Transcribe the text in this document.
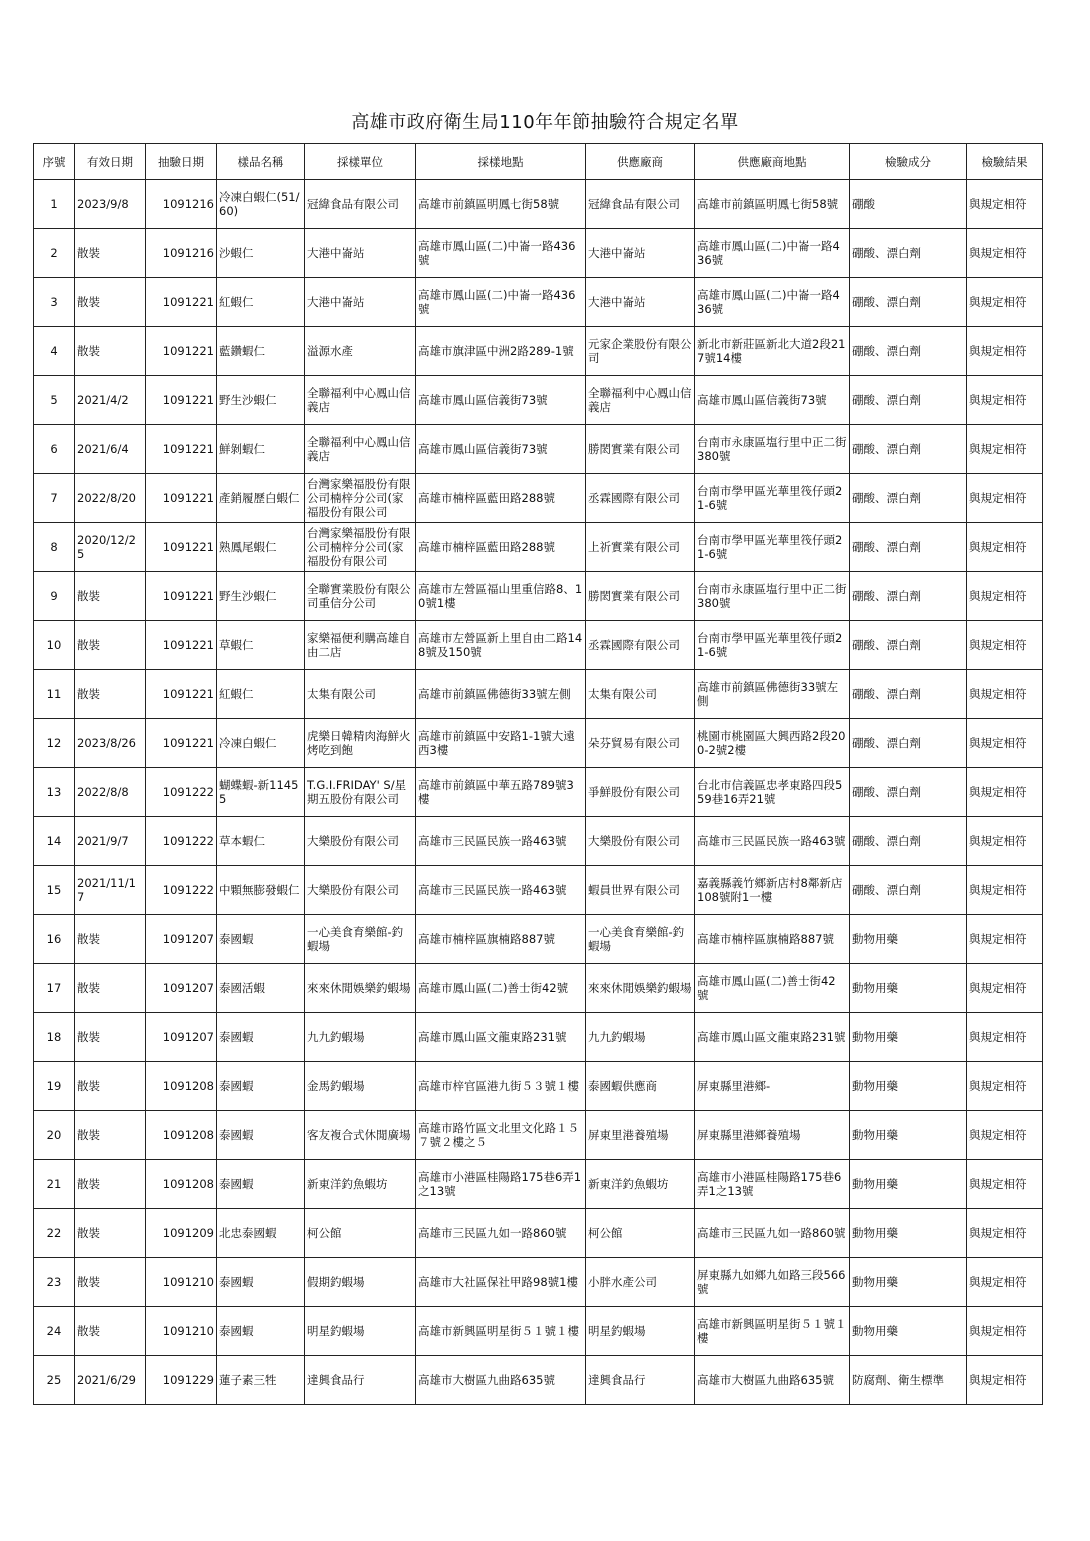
高雄市政府衛生局110年年節抽驗符合規定名單
序號	有效日期	抽驗日期	樣品名稱	採樣單位	採樣地點	供應廠商	供應廠商地點	檢驗成分	檢驗結果
1	2023/9/8	1091216	冷凍白蝦仁(51/60)	冠緯食品有限公司	高雄市前鎮區明鳳七街58號	冠緯食品有限公司	高雄市前鎮區明鳳七街58號	硼酸	與規定相符
2	散裝	1091216	沙蝦仁	大港中崙站	高雄市鳳山區(二)中崙一路436號	大港中崙站	高雄市鳳山區(二)中崙一路436號	硼酸、漂白劑	與規定相符
3	散裝	1091221	紅蝦仁	大港中崙站	高雄市鳳山區(二)中崙一路436號	大港中崙站	高雄市鳳山區(二)中崙一路436號	硼酸、漂白劑	與規定相符
4	散裝	1091221	藍鑽蝦仁	溢源水產	高雄市旗津區中洲2路289-1號	元家企業股份有限公司	新北市新莊區新北大道2段217號14樓	硼酸、漂白劑	與規定相符
5	2021/4/2	1091221	野生沙蝦仁	全聯福利中心鳳山信義店	高雄市鳳山區信義街73號	全聯福利中心鳳山信義店	高雄市鳳山區信義街73號	硼酸、漂白劑	與規定相符
6	2021/6/4	1091221	鮮剝蝦仁	全聯福利中心鳳山信義店	高雄市鳳山區信義街73號	勝閎實業有限公司	台南市永康區塩行里中正二街380號	硼酸、漂白劑	與規定相符
7	2022/8/20	1091221	產銷履歷白蝦仁	台灣家樂福股份有限公司楠梓分公司(家福股份有限公司	高雄市楠梓區藍田路288號	丞霖國際有限公司	台南市學甲區光華里筏仔頭21-6號	硼酸、漂白劑	與規定相符
8	2020/12/25	1091221	熟鳳尾蝦仁	台灣家樂福股份有限公司楠梓分公司(家福股份有限公司	高雄市楠梓區藍田路288號	上祈實業有限公司	台南市學甲區光華里筏仔頭21-6號	硼酸、漂白劑	與規定相符
9	散裝	1091221	野生沙蝦仁	全聯實業股份有限公司重信分公司	高雄市左營區福山里重信路8、10號1樓	勝閎實業有限公司	台南市永康區塩行里中正二街380號	硼酸、漂白劑	與規定相符
10	散裝	1091221	草蝦仁	家樂福便利購高雄自由二店	高雄市左營區新上里自由二路148號及150號	丞霖國際有限公司	台南市學甲區光華里筏仔頭21-6號	硼酸、漂白劑	與規定相符
11	散裝	1091221	紅蝦仁	太集有限公司	高雄市前鎮區佛德街33號左側	太集有限公司	高雄市前鎮區佛德街33號左側	硼酸、漂白劑	與規定相符
12	2023/8/26	1091221	冷凍白蝦仁	虎樂日韓精肉海鮮火烤吃到飽	高雄市前鎮區中安路1-1號大遠西3樓	朵芬貿易有限公司	桃園市桃園區大興西路2段200-2號2樓	硼酸、漂白劑	與規定相符
13	2022/8/8	1091222	蝴蝶蝦-新11455	T.G.I.FRIDAY' S/星期五股份有限公司	高雄市前鎮區中華五路789號3樓	爭鮮股份有限公司	台北市信義區忠孝東路四段559巷16弄21號	硼酸、漂白劑	與規定相符
14	2021/9/7	1091222	草本蝦仁	大樂股份有限公司	高雄市三民區民族一路463號	大樂股份有限公司	高雄市三民區民族一路463號	硼酸、漂白劑	與規定相符
15	2021/11/17	1091222	中顆無膨發蝦仁	大樂股份有限公司	高雄市三民區民族一路463號	蝦員世界有限公司	嘉義縣義竹鄉新店村8鄰新店108號附1一樓	硼酸、漂白劑	與規定相符
16	散裝	1091207	泰國蝦	一心美食育樂館-釣蝦場	高雄市楠梓區旗楠路887號	一心美食育樂館-釣蝦場	高雄市楠梓區旗楠路887號	動物用藥	與規定相符
17	散裝	1091207	泰國活蝦	來來休閒娛樂釣蝦場	高雄市鳳山區(二)善士街42號	來來休閒娛樂釣蝦場	高雄市鳳山區(二)善士街42號	動物用藥	與規定相符
18	散裝	1091207	泰國蝦	九九釣蝦場	高雄市鳳山區文龍東路231號	九九釣蝦場	高雄市鳳山區文龍東路231號	動物用藥	與規定相符
19	散裝	1091208	泰國蝦	金馬釣蝦場	高雄市梓官區港九街５３號１樓	泰國蝦供應商	屏東縣里港鄉-	動物用藥	與規定相符
20	散裝	1091208	泰國蝦	客友複合式休閒廣場	高雄市路竹區文北里文化路１５７號２樓之５	屏東里港養殖場	屏東縣里港鄉養殖場	動物用藥	與規定相符
21	散裝	1091208	泰國蝦	新東洋釣魚蝦坊	高雄市小港區桂陽路175巷6弄1之13號	新東洋釣魚蝦坊	高雄市小港區桂陽路175巷6弄1之13號	動物用藥	與規定相符
22	散裝	1091209	北忠泰國蝦	柯公館	高雄市三民區九如一路860號	柯公館	高雄市三民區九如一路860號	動物用藥	與規定相符
23	散裝	1091210	泰國蝦	假期釣蝦場	高雄市大社區保社甲路98號1樓	小胖水產公司	屏東縣九如鄉九如路三段566號	動物用藥	與規定相符
24	散裝	1091210	泰國蝦	明星釣蝦場	高雄市新興區明星街５１號１樓	明星釣蝦場	高雄市新興區明星街５１號１樓	動物用藥	與規定相符
25	2021/6/29	1091229	蓮子素三牲	達興食品行	高雄市大樹區九曲路635號	達興食品行	高雄市大樹區九曲路635號	防腐劑、衛生標準	與規定相符
